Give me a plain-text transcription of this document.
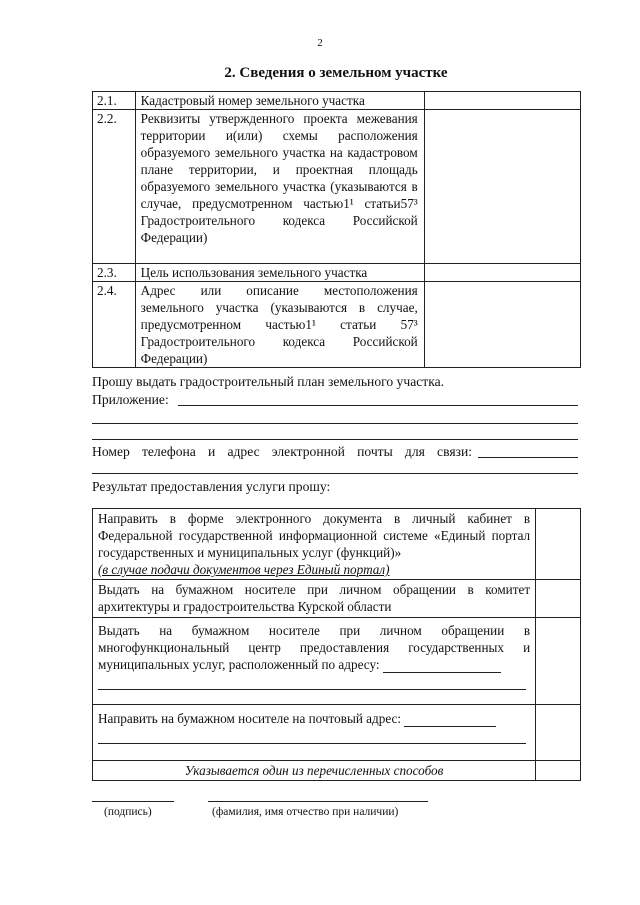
2
2. Сведения о земельном участке
2.1.	Кадастровый номер земельного участка	
2.2.	Реквизиты утвержденного проекта межевания территории и(или) схемы расположения образуемого земельного участка на кадастровом плане территории, и проектная площадь образуемого земельного участка (указываются в случае, предусмотренном частью1¹ статьи57³ Градостроительного кодекса Российской Федерации)	
2.3.	Цель использования земельного участка	
2.4.	Адрес или описание местоположения земельного участка (указываются в случае, предусмотренном частью1¹ статьи 57³ Градостроительного кодекса Российской Федерации)	
Прошу выдать градостроительный план земельного участка.
Приложение:
Номер телефона и адрес электронной почты для связи:
Результат предоставления услуги прошу:
Направить в форме электронного документа в личный кабинет в Федеральной государственной информационной системе «Единый портал государственных и муниципальных услуг (функций)»
(в случае подачи документов через Единый портал)	

Выдать на бумажном носителе при личном обращении в комитет архитектуры и градостроительства Курской области	
Выдать на бумажном носителе при личном обращении в многофункциональный центр предоставления государственных и муниципальных услуг, расположенный по адресу:

Направить на бумажном носителе на почтовый адрес:

Указывается один из перечисленных способов	
(подпись)	(фамилия, имя отчество при наличии)
